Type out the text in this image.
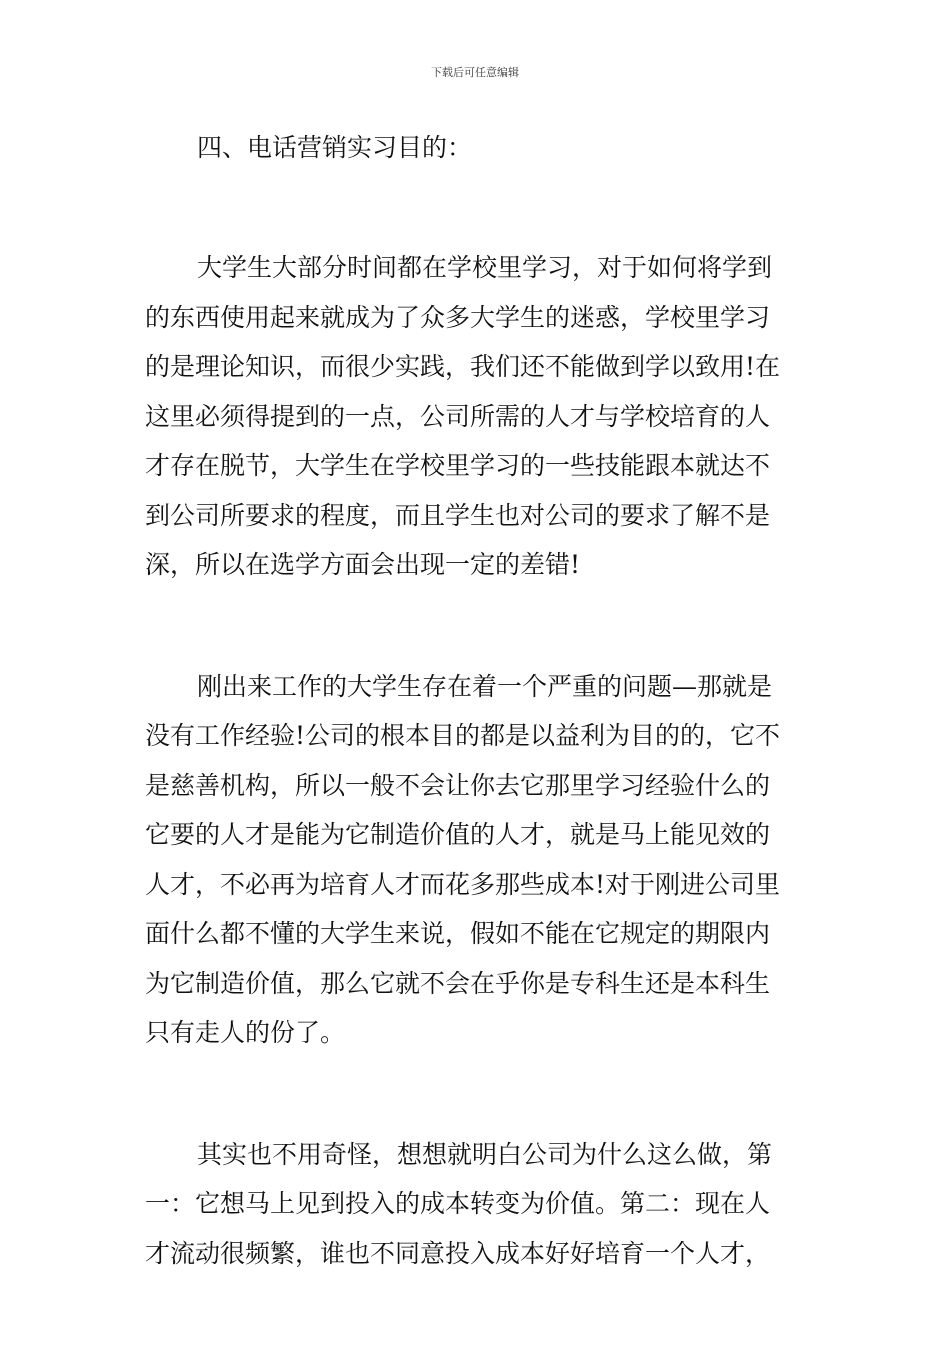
下载后可任意编辑

四、电话营销实习目的：

大学生大部分时间都在学校里学习，对于如何将学到
的东西使用起来就成为了众多大学生的迷惑，学校里学习
的是理论知识，而很少实践，我们还不能做到学以致用!在
这里必须得提到的一点，公司所需的人才与学校培育的人
才存在脱节，大学生在学校里学习的一些技能跟本就达不
到公司所要求的程度，而且学生也对公司的要求了解不是
深，所以在选学方面会出现一定的差错!
刚出来工作的大学生存在着一个严重的问题—那就是
没有工作经验!公司的根本目的都是以益利为目的的，它不
是慈善机构，所以一般不会让你去它那里学习经验什么的
它要的人才是能为它制造价值的人才，就是马上能见效的
人才，不必再为培育人才而花多那些成本!对于刚进公司里
面什么都不懂的大学生来说，假如不能在它规定的期限内
为它制造价值，那么它就不会在乎你是专科生还是本科生
只有走人的份了。
其实也不用奇怪，想想就明白公司为什么这么做，第
一：它想马上见到投入的成本转变为价值。第二：现在人
才流动很频繁，谁也不同意投入成本好好培育一个人才，
